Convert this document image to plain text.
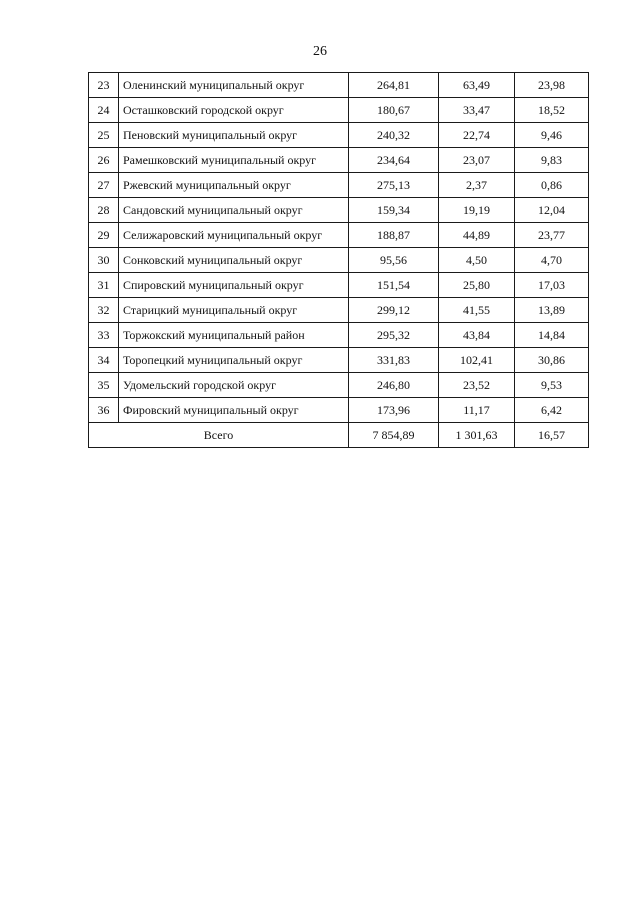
26
23	Оленинский муниципальный округ	264,81	63,49	23,98
24	Осташковский городской округ	180,67	33,47	18,52
25	Пеновский муниципальный округ	240,32	22,74	9,46
26	Рамешковский муниципальный округ	234,64	23,07	9,83
27	Ржевский муниципальный округ	275,13	2,37	0,86
28	Сандовский муниципальный округ	159,34	19,19	12,04
29	Селижаровский муниципальный округ	188,87	44,89	23,77
30	Сонковский муниципальный округ	95,56	4,50	4,70
31	Спировский муниципальный округ	151,54	25,80	17,03
32	Старицкий муниципальный округ	299,12	41,55	13,89
33	Торжокский муниципальный район	295,32	43,84	14,84
34	Торопецкий муниципальный округ	331,83	102,41	30,86
35	Удомельский городской округ	246,80	23,52	9,53
36	Фировский муниципальный округ	173,96	11,17	6,42
Всего		7 854,89	1 301,63	16,57
